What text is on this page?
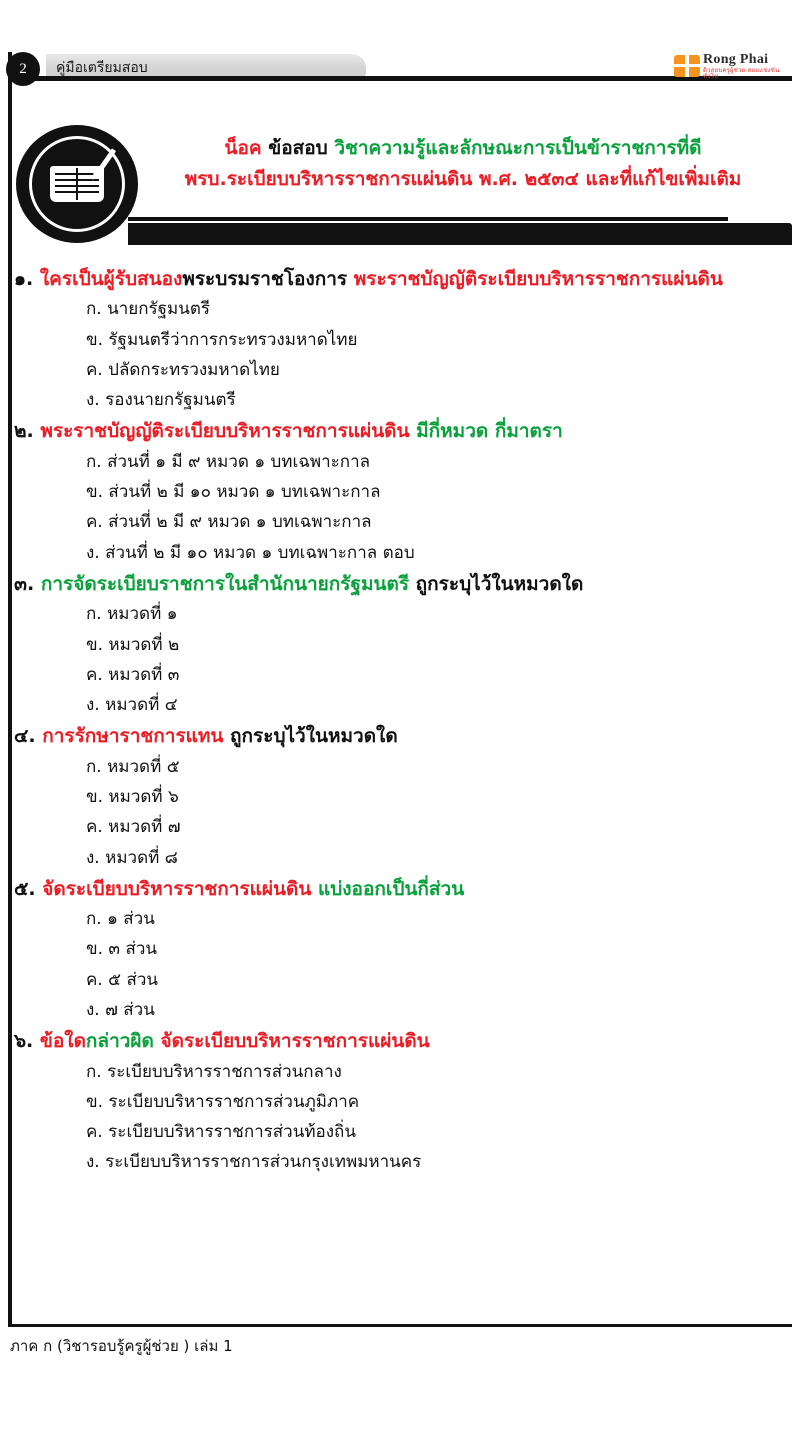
2	คู่มือเตรียมสอบ	Rong Phai
ติวสอบครูผู้ช่วย-สอบแข่งขันทั่วไป
น็อค ข้อสอบ วิชาความรู้และลักษณะการเป็นข้าราชการที่ดี
พรบ.ระเบียบบริหารราชการแผ่นดิน พ.ศ. ๒๕๓๔ และที่แก้ไขเพิ่มเติม
๑. ใครเป็นผู้รับสนองพระบรมราชโองการ พระราชบัญญัติระเบียบบริหารราชการแผ่นดิน
ก. นายกรัฐมนตรี
ข. รัฐมนตรีว่าการกระทรวงมหาดไทย
ค. ปลัดกระทรวงมหาดไทย
ง. รองนายกรัฐมนตรี
๒. พระราชบัญญัติระเบียบบริหารราชการแผ่นดิน มีกี่หมวด กี่มาตรา
ก. ส่วนที่ ๑ มี ๙ หมวด ๑ บทเฉพาะกาล
ข. ส่วนที่ ๒ มี ๑๐ หมวด ๑ บทเฉพาะกาล
ค. ส่วนที่ ๒ มี ๙ หมวด ๑ บทเฉพาะกาล
ง. ส่วนที่ ๒ มี ๑๐ หมวด ๑ บทเฉพาะกาล ตอบ
๓. การจัดระเบียบราชการในสำนักนายกรัฐมนตรี ถูกระบุไว้ในหมวดใด
ก. หมวดที่ ๑
ข. หมวดที่ ๒
ค. หมวดที่ ๓
ง. หมวดที่ ๔
๔. การรักษาราชการแทน ถูกระบุไว้ในหมวดใด
ก. หมวดที่ ๕
ข. หมวดที่ ๖
ค. หมวดที่ ๗
ง. หมวดที่ ๘
๕. จัดระเบียบบริหารราชการแผ่นดิน แบ่งออกเป็นกี่ส่วน
ก. ๑ ส่วน
ข. ๓ ส่วน
ค. ๕ ส่วน
ง. ๗ ส่วน
๖. ข้อใดกล่าวผิด จัดระเบียบบริหารราชการแผ่นดิน
ก. ระเบียบบริหารราชการส่วนกลาง
ข. ระเบียบบริหารราชการส่วนภูมิภาค
ค. ระเบียบบริหารราชการส่วนท้องถิ่น
ง. ระเบียบบริหารราชการส่วนกรุงเทพมหานคร
ภาค ก (วิชารอบรู้ครูผู้ช่วย ) เล่ม 1
